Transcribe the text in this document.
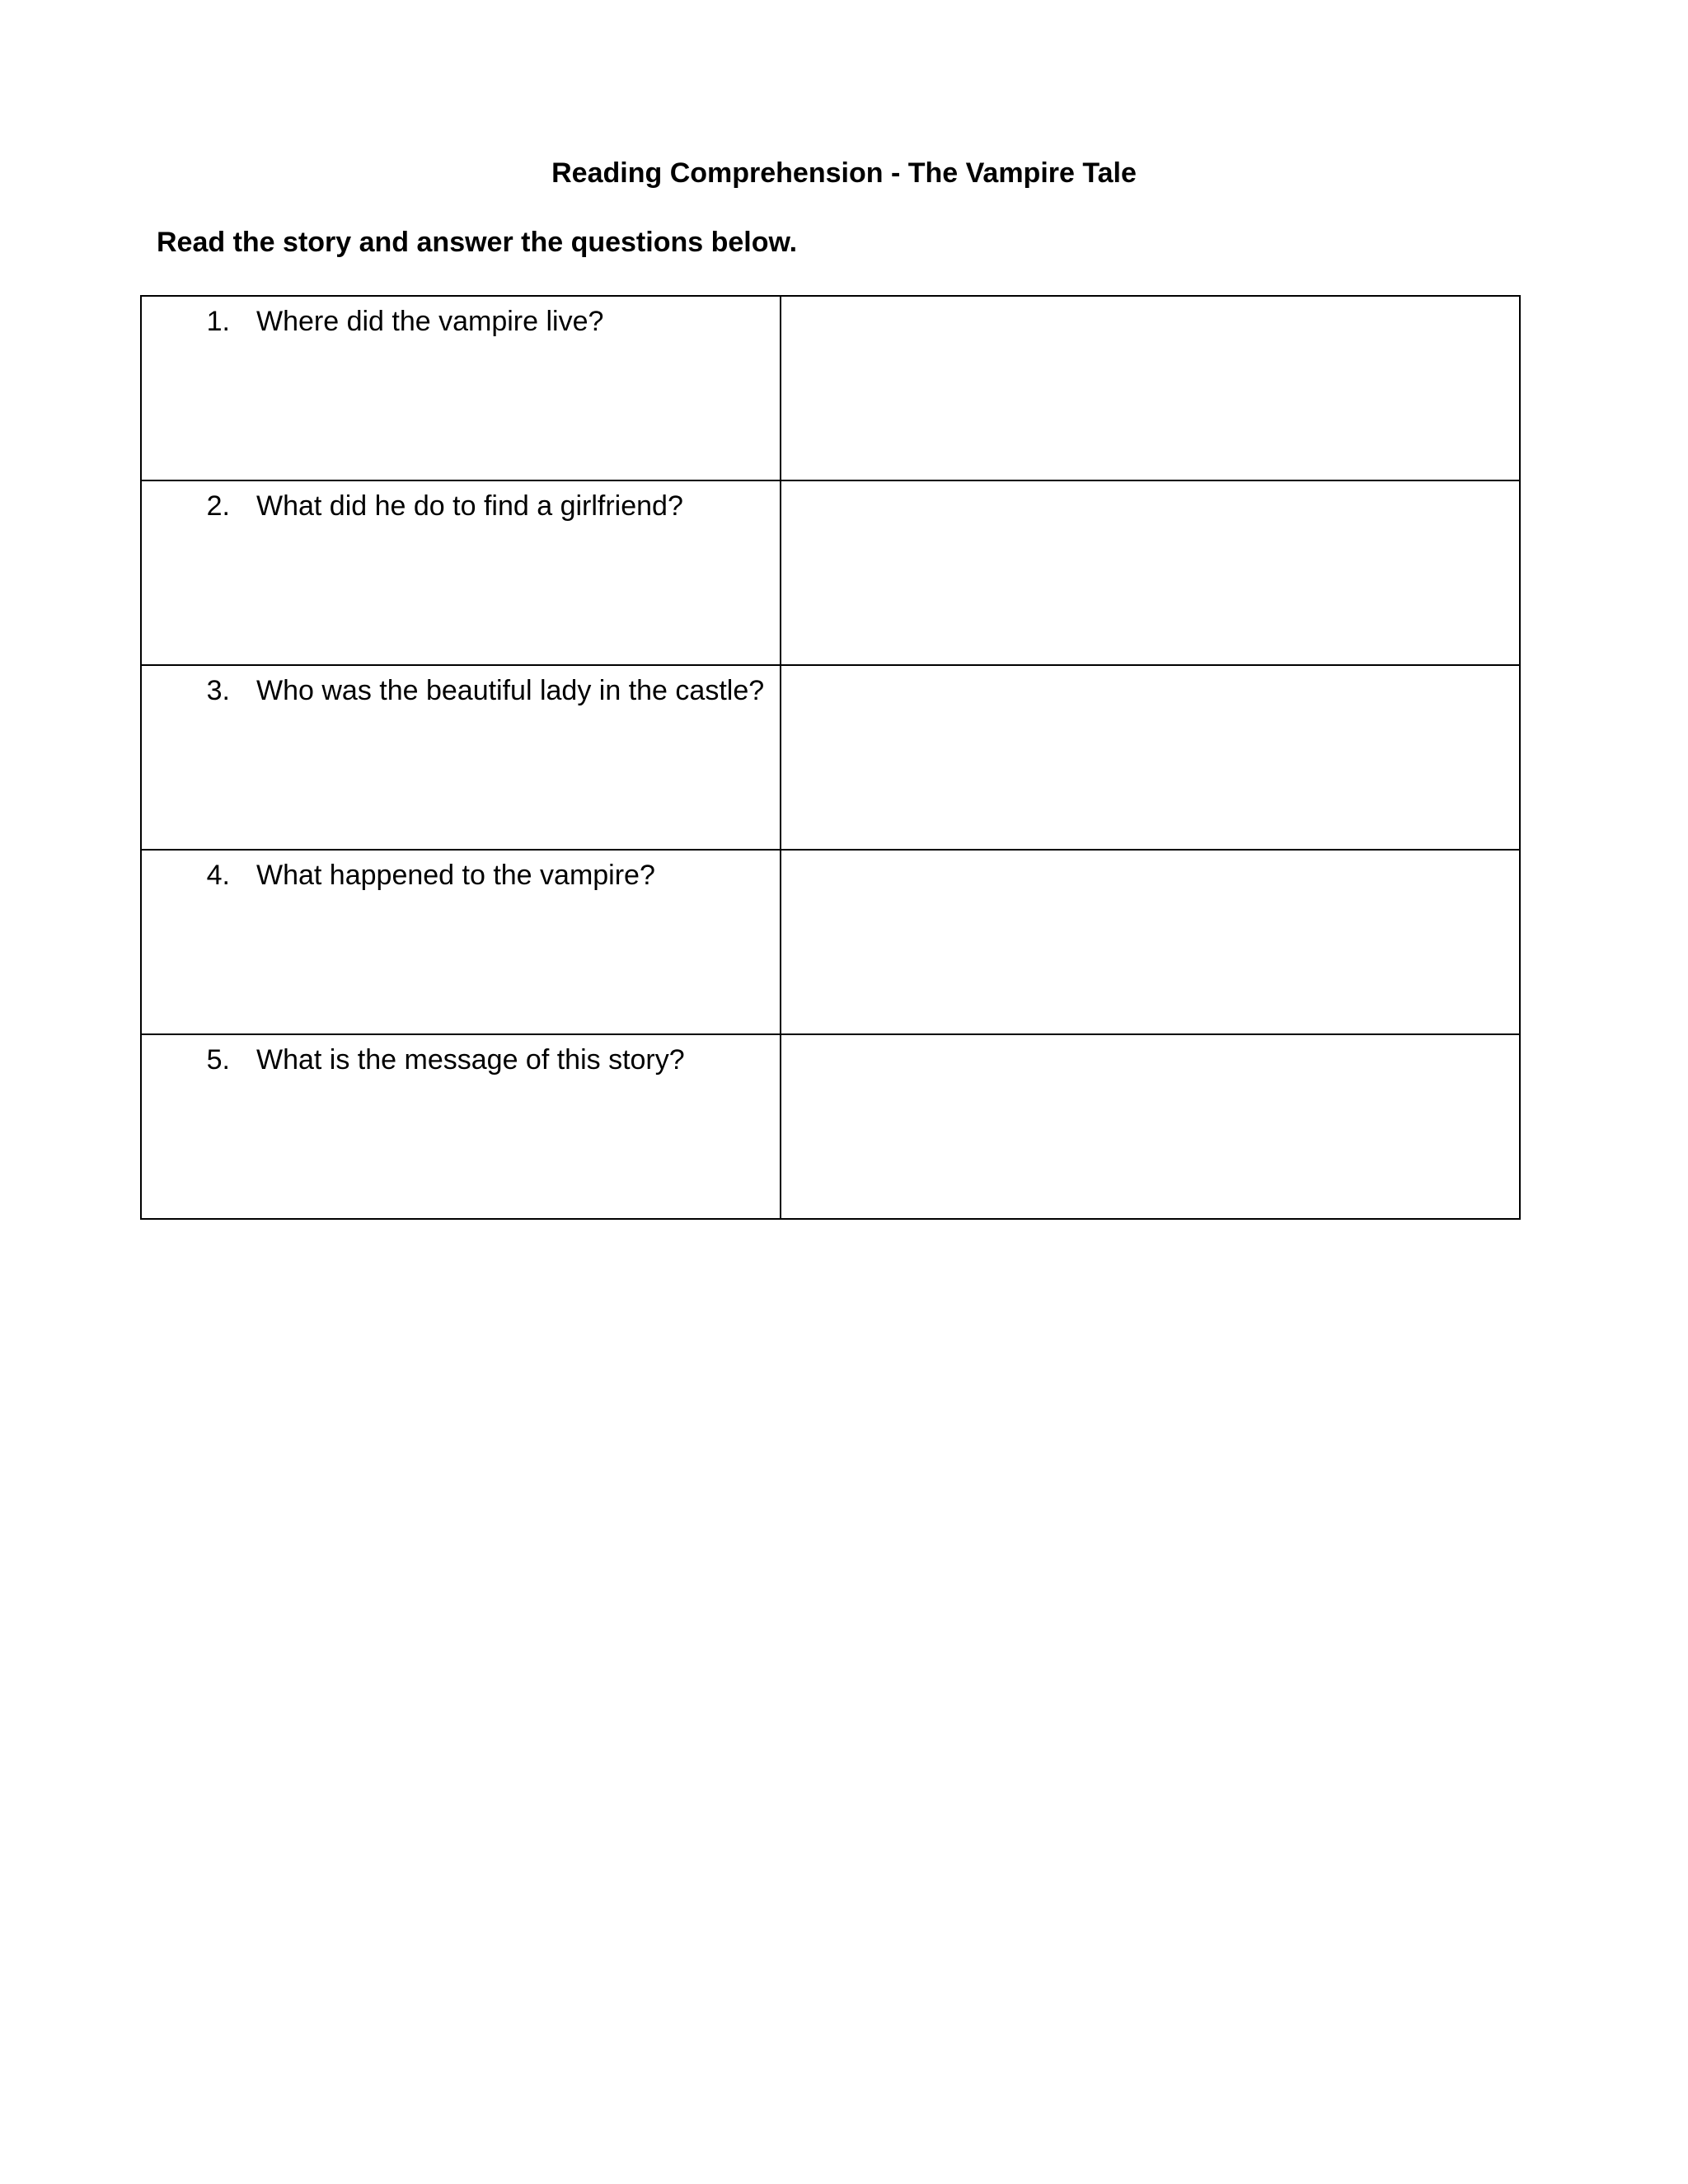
Reading Comprehension - The Vampire Tale
Read the story and answer the questions below.
1. Where did the vampire live?	

2. What did he do to find a girlfriend?	

3. Who was the beautiful lady in the castle?	

4. What happened to the vampire?	

5. What is the message of this story?	
